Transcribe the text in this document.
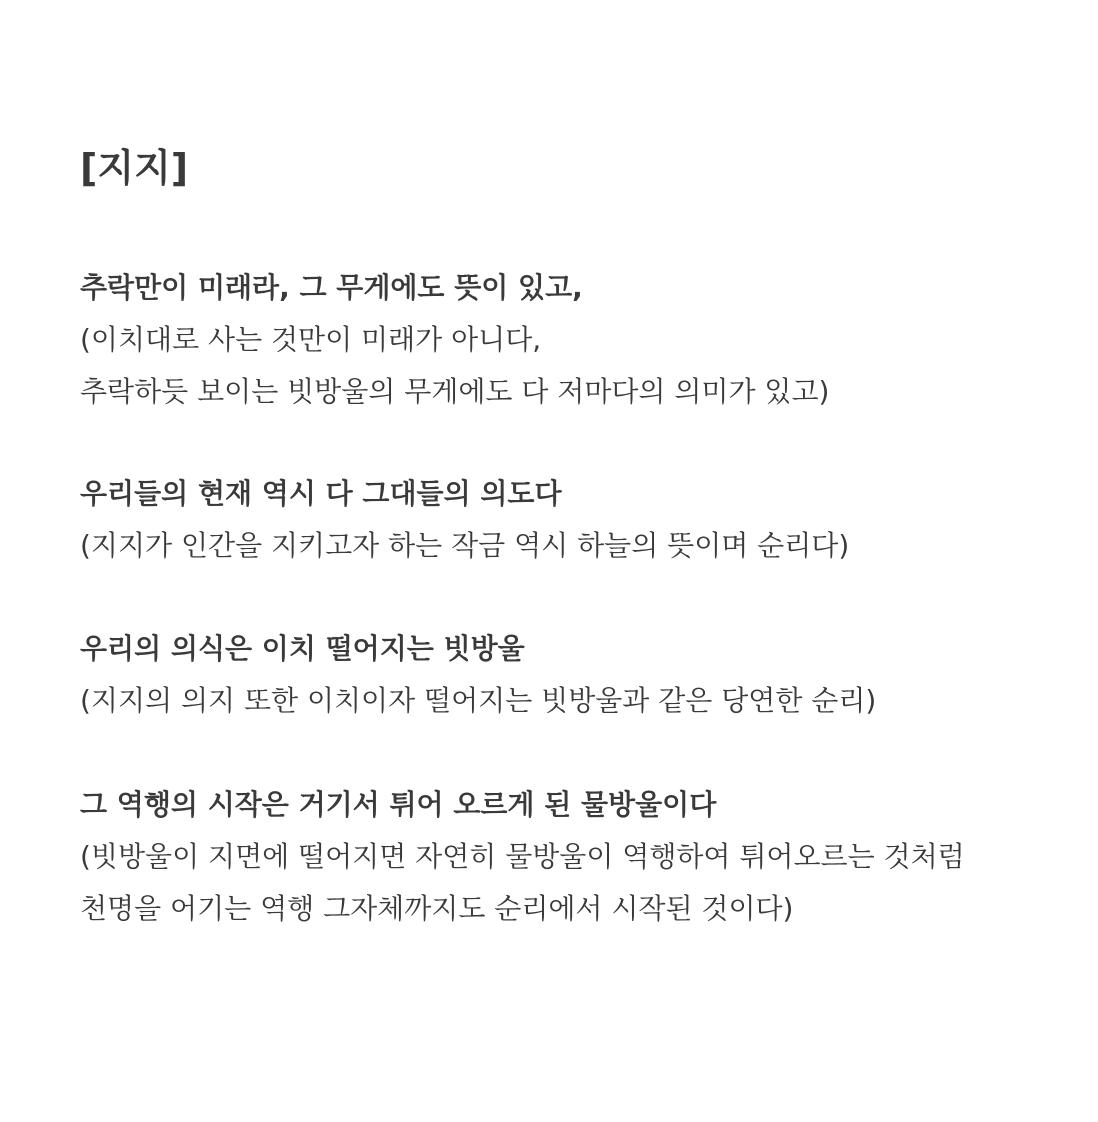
[지지]
추락만이 미래라, 그 무게에도 뜻이 있고,
(이치대로 사는 것만이 미래가 아니다,
추락하듯 보이는 빗방울의 무게에도 다 저마다의 의미가 있고)
우리들의 현재 역시 다 그대들의 의도다
(지지가 인간을 지키고자 하는 작금 역시 하늘의 뜻이며 순리다)
우리의 의식은 이치 떨어지는 빗방울
(지지의 의지 또한 이치이자 떨어지는 빗방울과 같은 당연한 순리)
그 역행의 시작은 거기서 튀어 오르게 된 물방울이다
(빗방울이 지면에 떨어지면 자연히 물방울이 역행하여 튀어오르는 것처럼
천명을 어기는 역행 그자체까지도 순리에서 시작된 것이다)
